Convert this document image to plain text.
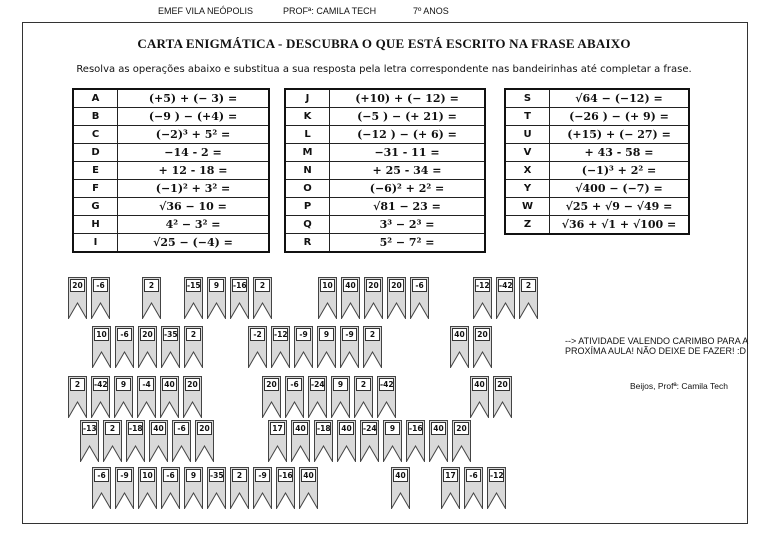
EMEF VILA NEÓPOLIS	PROFª: CAMILA TECH	7º ANOS
CARTA ENIGMÁTICA - DESCUBRA O QUE ESTÁ ESCRITO NA FRASE ABAIXO
Resolva as operações abaixo e substitua a sua resposta pela letra correspondente nas bandeirinhas até completar a frase.
A	(+5) + (− 3) =
B	(−9 ) − (+4) =
C	(−2)³ + 5² =
D	−14 - 2 =
E	+ 12 - 18 =
F	(−1)² + 3² =
G	√36 − 10 =
H	4² − 3² =
I	√25 − (−4) =
J	(+10) + (− 12) =
K	(−5 ) − (+ 21) =
L	(−12 ) − (+ 6) =
M	−31 - 11 =
N	+ 25 - 34 =
O	(−6)² + 2² =
P	√81 − 23 =
Q	3³ − 2³ =
R	5² − 7² =
S	√64 − (−12) =
T	(−26 ) − (+ 9) =
U	(+15) + (− 27) =
V	+ 43 - 58 =
X	(−1)³ + 2² =
Y	√400 − (−7) =
W	√25 + √9 − √49 =
Z	√36 + √1 + √100 =
20	-6	2	-15	9	-16	2	10	40	20	20	-6	-12 -42	2
10	-6	20	-35	2	-2	-12	-9	9	-9	2	40	20
2	-42	9	-4	40	20	20	-6	-24	9	2	-42	40	20
-13	2	-18	40	-6	20	17	40	-18	40	-24	9	-16	40	20
-6	-9	10	-6	9	-35	2	-9	-16	40	40	17	-6	-12
--> ATIVIDADE VALENDO CARIMBO PARA A PROXÍMA AULA! NÃO DEIXE DE FAZER! :D
Beijos, Profª: Camila Tech
